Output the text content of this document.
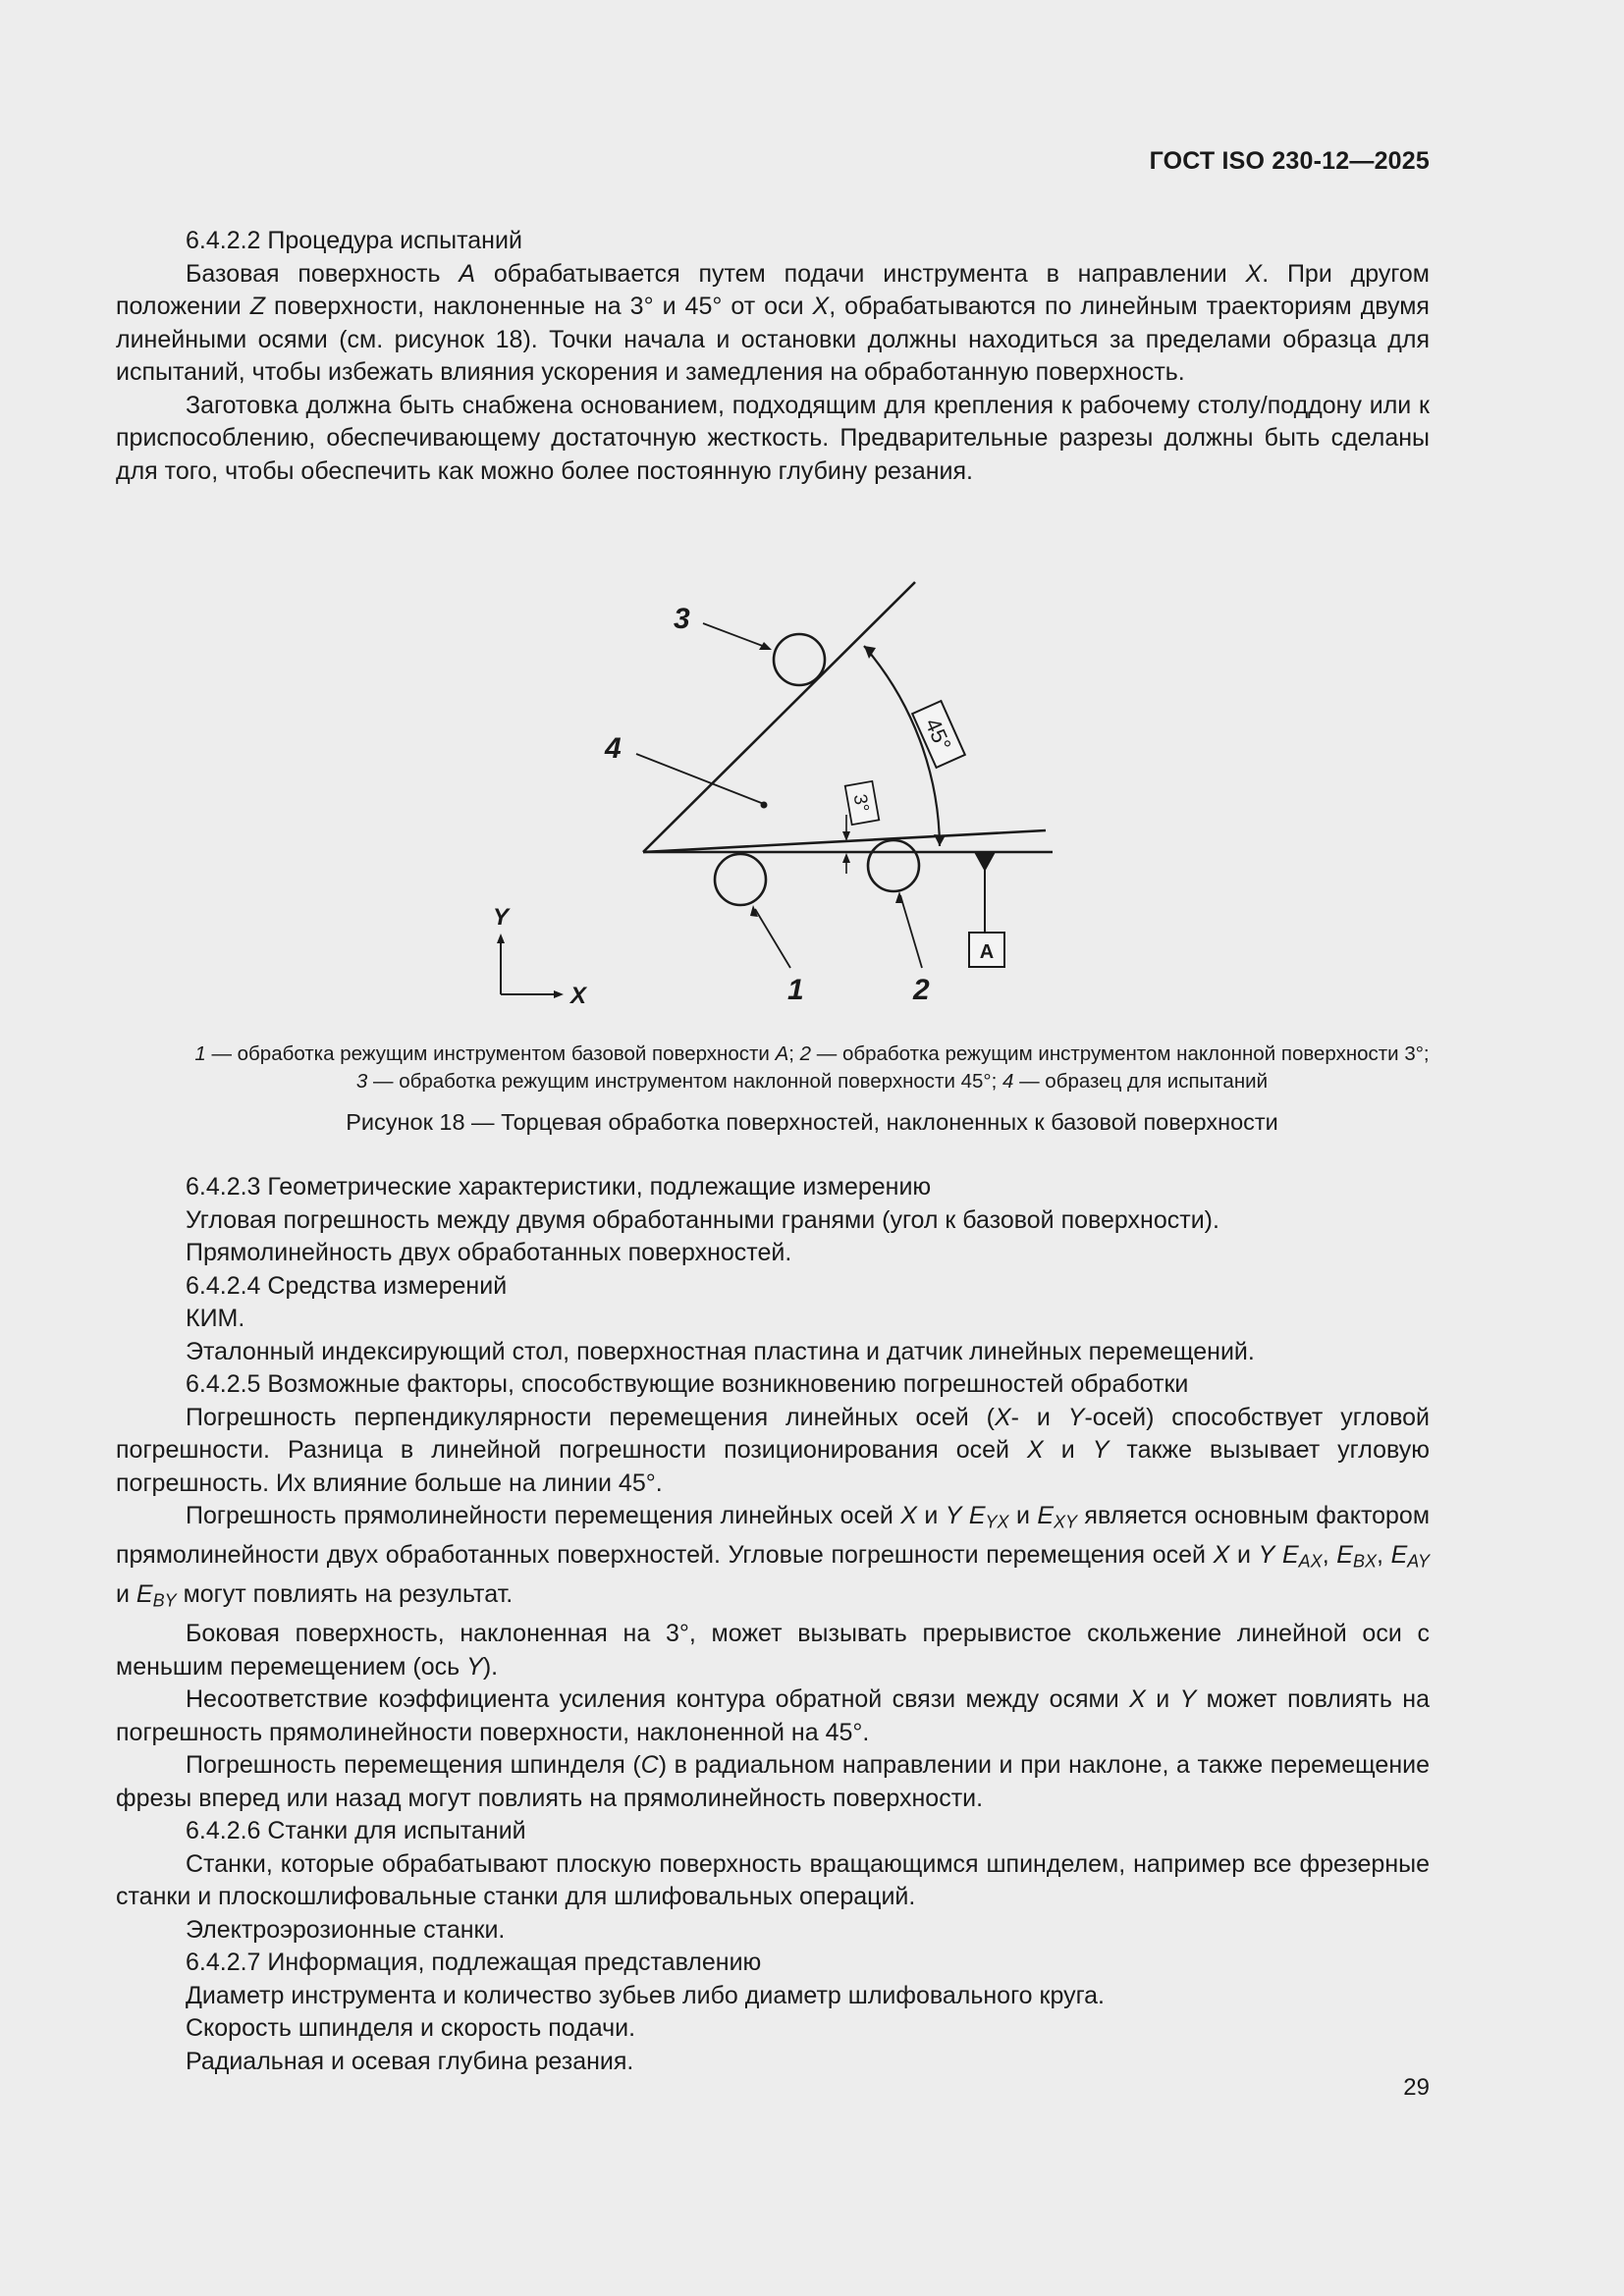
ГОСТ ISO 230-12—2025

6.4.2.2 Процедура испытаний

Базовая поверхность A обрабатывается путем подачи инструмента в направлении X. При другом положении Z поверхности, наклоненные на 3° и 45° от оси X, обрабатываются по линейным траекториям двумя линейными осями (см. рисунок 18). Точки начала и остановки должны находиться за пределами образца для испытаний, чтобы избежать влияния ускорения и замедления на обработанную поверхность.

Заготовка должна быть снабжена основанием, подходящим для крепления к рабочему столу/поддону или к приспособлению, обеспечивающему достаточную жесткость. Предварительные разрезы должны быть сделаны для того, чтобы обеспечить как можно более постоянную глубину резания.

45°
3°
A
3
4
1	2
Y
X
1 — обработка режущим инструментом базовой поверхности A; 2 — обработка режущим инструментом наклонной поверхности 3°;
3 — обработка режущим инструментом наклонной поверхности 45°; 4 — образец для испытаний
Рисунок 18 — Торцевая обработка поверхностей, наклоненных к базовой поверхности

6.4.2.3 Геометрические характеристики, подлежащие измерению

Угловая погрешность между двумя обработанными гранями (угол к базовой поверхности).

Прямолинейность двух обработанных поверхностей.

6.4.2.4 Средства измерений

КИМ.

Эталонный индексирующий стол, поверхностная пластина и датчик линейных перемещений.

6.4.2.5 Возможные факторы, способствующие возникновению погрешностей обработки

Погрешность перпендикулярности перемещения линейных осей (X- и Y-осей) способствует угловой погрешности. Разница в линейной погрешности позиционирования осей X и Y также вызывает угловую погрешность. Их влияние больше на линии 45°.

Погрешность прямолинейности перемещения линейных осей X и Y $E_{YX}$ и $E_{XY}$ является основным фактором прямолинейности двух обработанных поверхностей. Угловые погрешности перемещения осей X и Y $E_{AX}$, $E_{BX}$, $E_{AY}$ и $E_{BY}$ могут повлиять на результат.

Боковая поверхность, наклоненная на 3°, может вызывать прерывистое скольжение линейной оси с меньшим перемещением (ось Y).

Несоответствие коэффициента усиления контура обратной связи между осями X и Y может повлиять на погрешность прямолинейности поверхности, наклоненной на 45°.

Погрешность перемещения шпинделя (C) в радиальном направлении и при наклоне, а также перемещение фрезы вперед или назад могут повлиять на прямолинейность поверхности.

6.4.2.6 Станки для испытаний

Станки, которые обрабатывают плоскую поверхность вращающимся шпинделем, например все фрезерные станки и плоскошлифовальные станки для шлифовальных операций.

Электроэрозионные станки.

6.4.2.7 Информация, подлежащая представлению

Диаметр инструмента и количество зубьев либо диаметр шлифовального круга.

Скорость шпинделя и скорость подачи.

Радиальная и осевая глубина резания.

29
